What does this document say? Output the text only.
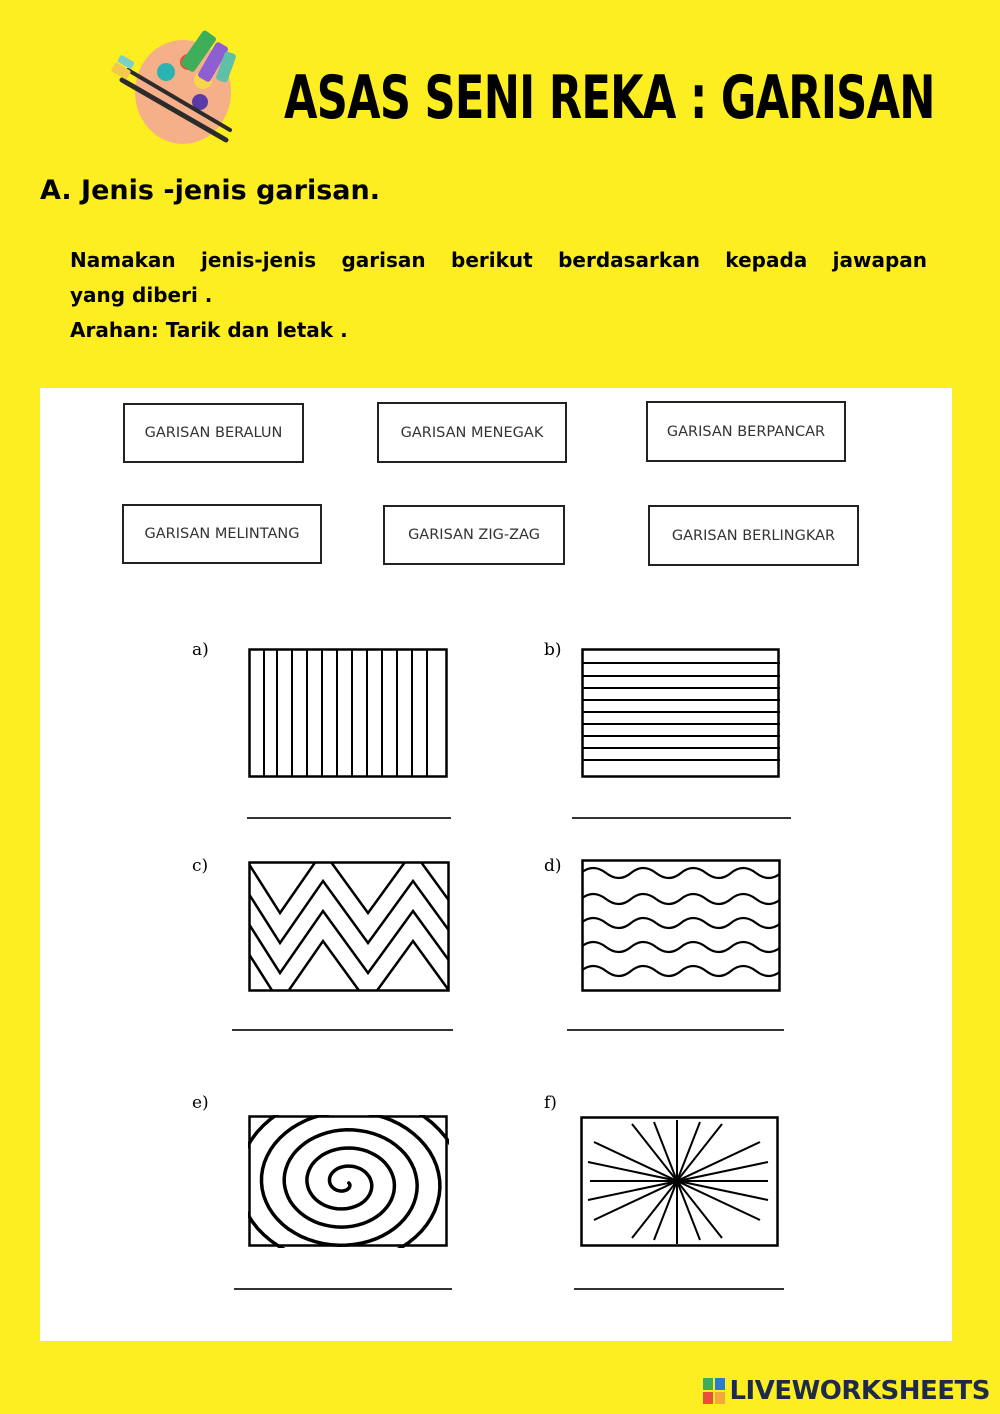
ASAS SENI REKA : GARISAN
A. Jenis -jenis garisan.

Namakan jenis-jenis garisan berikut berdasarkan kepada jawapan

yang diberi .

Arahan: Tarik dan letak .

GARISAN BERALUN	GARISAN MENEGAK	GARISAN BERPANCAR
GARISAN MELINTANG	GARISAN ZIG-ZAG	GARISAN BERLINGKAR
a)	b)
c)	d)
e)	f)
LIVEWORKSHEETS
